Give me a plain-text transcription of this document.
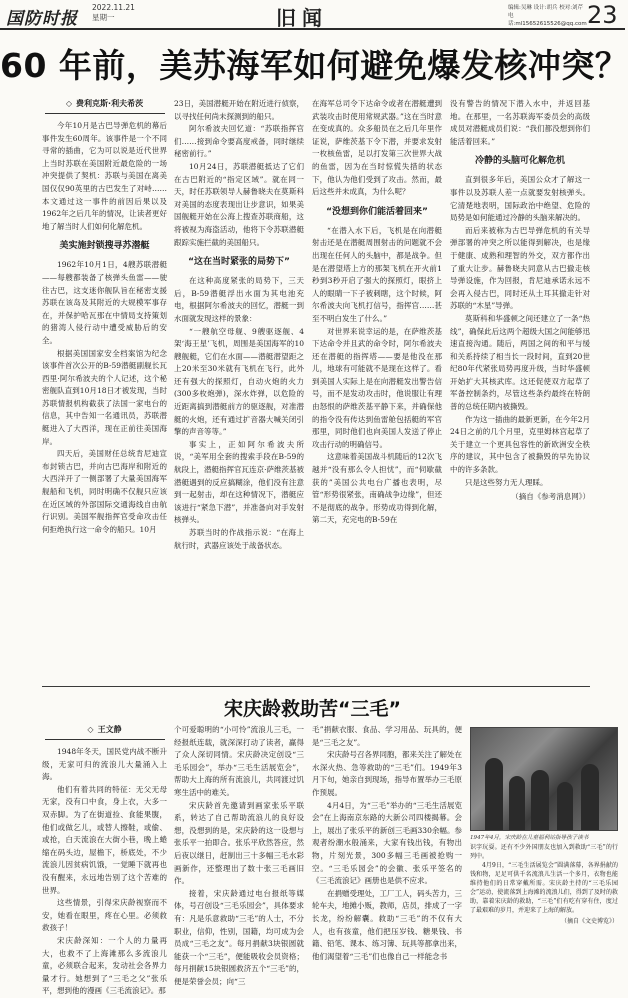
国防时报
2022.11.21
星期一	旧闻	编辑:吴琳 设计:胡兵 校对:刘芹
电话:ml15652615526@qq.com 23
60 年前，美苏海军如何避免爆发核冲突？
◇ 费利克斯·利夫希茨

今年10月是古巴导弹危机的幕后事件发生60周年。该事件是一个不同寻常的插曲，它为可以说是近代世界上当时苏联在美国附近最危险的一场冲突提供了契机：苏联与美国在离美国仅仅90英里的古巴发生了对峙……本文通过这一事件的前因后果以及1962年之后几年的情况，让读者更好地了解当时人们如何化解危机。

美实施封锁搜寻苏潜艇

1962年10月1日，4艘苏联潜艇——每艘都装备了核弹头鱼雷——驶往古巴，这支迷你舰队旨在秘密支援苏联在该岛及其附近的大规模军事存在，并保护哈瓦那在中情局支持策划的猪湾人侵行动中遭受威胁后的安全。

根据美国国家安全档案馆为纪念该事件首次公开的B-59潜艇副舰长瓦西里·阿尔希波夫的个人记述，这个秘密舰队直到10月18日才被发现，当时苏联情报机构截获了法国一家电台的信息，其中告知一名通讯员，苏联潜艇进入了大西洋，现在正前往美国海岸。

四天后，美国财任总统肯尼迪宣布封锁古巴，并向古巴海岸和附近的大西洋开了一侧部署了大量美国海军舰船和飞机，同时明确不仅舰只应该在近区域的外部国际交通海线自由航行识别。美国军舰指挥官受命攻击任何拒绝执行这一命令的船只。10月

23日，美国潜艇开始在附近进行侦察，以寻找任何尚未探测到的船只。

阿尔希波夫回忆道：“苏联指挥官们……接到命令要高度戒备，同时继续秘密前行。”

10月24日，苏联潜艇抵达了它们在古巴附近的“指定区域”。就在同一天，时任苏联领导人赫鲁晓夫在莫斯科对美国的态度表现出让步意识，如果美国舰艇开始在公海上搜查苏联商船，这将被视为海盗活动，他将下令苏联潜艇跟踪实施拦截的美国船只。

“这在当时紧张的局势下”

在这种高度紧张的局势下，三天后，B-59潜艇浮出水面为其电池充电，根据阿尔希波夫的回忆，潜艇一到水面就发现这样的景象：

“一艘航空母舰、9艘驱逐舰、4架‘海王星’飞机，周围是美国海军的10艘舰艇，它们在水面——潜艇潜望距之上20米至30米就有飞机在飞行，此外还有强大的探照灯，自动火炮的火力(300多枚炮弹)，深水炸弹，以危险的近距离搞到潜艇前方的驱逐舰，对准潜艇的火炮，还有通过扩音器大喊关闭引擎的声音等等。”

事实上，正如阿尔希波夫所说，“美军用全套的搜索手段在B-59的航段上，潜艇指挥官瓦连京·萨维茨基被潜艇遇到的反应搞糊涂，他们没有注意到一起射击，却在这种情况下，潜艇应该进行“紧急下潜”，并准备向对手发射核弹头。

苏联当时的作战指示说：“在海上航行时，武器应该处于战备状态。

在海军总司令下达命令或者在潜艇遭到武装攻击时使用常规武器。”这在当时意在变成真的。众多船员在之后几年里作证说，萨维茨基下令下潜，并要求发射一枚核鱼雷，足以打发第三次世界大战的鱼雷，因为在当时惊慌失措的状态下，他认为他们受到了攻击。然而，最后这些并未成真，为什么呢？

“没想到你们能活着回来”

“在潜入水下后，飞机是在向潜艇射击还是在潜艇周围射击的问题就不会出现在任何人的头脑中，都是战争。但是在潜望塔上方的那架飞机在开火前1秒到3秒开启了强大的探照灯，眼挤上人的眼睛一下子被刺瞎，这个时候，阿尔希波夫向飞机打信号，指挥官……甚至不明白发生了什么。”

对世界来说幸运的是，在萨维茨基下达命令并且武的命令时，阿尔希波夫还在潜艇的指挥塔——要是他没在那儿，地球有可能就不是现在这样了。看到美国人实际上是在向潜艇发出警告信号，而不是发动攻击时，他说服让有理由怒恨的萨维茨基平静下来，并确保他的指令没有传达到鱼雷舱包括艇的军官那里，同时他们也向美国人发送了停止攻击行动的明确信号。

这意味着美国战斗机随后的12次飞越并“没有那么令人担忧”，而“伺歇截获的”美国公共电台广播也表明，尽管“形势很紧张，南确战争边缘”，但还不是彻底的战争。形势成功得到化解，第二天，充完电的B-59在

没有警告的情况下潜入水中，并返回基地。在那里，一名苏联海军委员会的高级成员对潜艇成员们说：“我们都没想到你们能活着回来。”

冷静的头脑可化解危机

直到很多年后，美国公众才了解这一事件以及苏联人差一点就要发射核弹头。它清楚地表明，国际政治中绝望、危险的局势是如何能通过冷静的头脑来解决的。

而后来被称为古巴导弹危机的有关导弹部署的冲突之所以能得到解决，也是缘于健康、成熟和理智的外交，双方都作出了重大让步。赫鲁晓夫同意从古巴撤走核导弹设施，作为回报，肯尼迪承诺永远不会再入侵古巴，同时还从土耳其撤走针对苏联的“木星”导弹。

莫斯科和华盛顿之间还建立了一条“热线”，确保此后这两个超级大国之间能够迅速直接沟通。随后，两国之间的和平与缓和关系持续了相当长一段时间，直到20世纪80年代紧张局势再度升级，当时华盛顿开始扩大其核武库。这还促使双方起草了军备控制条约，尽管这些条约最终在特朗普的总统任期内被撕毁。

作为这一插曲的最新更新，在今年2月24日之前的几个月里，克里姆林宫起草了关于建立一个更具包容性的新欧洲安全秩序的建议，其中包含了被撕毁的早先协议中的许多条款。

只是这些努力无人理睬。

（摘自《参考消息网》）

宋庆龄救助苦“三毛”
◇ 王文静

1948年冬天，国民党内战不断升级，无家可归的流浪儿大量涌入上海。

他们有着共同的特征：无父无母无家，没有口中食，身上衣，大多一双赤脚。为了在街道捡、食能果腹，他们或做乞儿，或替人擦鞋，或偷、或抢，白天流浪在大街小巷，晚上蜷缩在码头边，屋檐下，桥底处，不少流浪儿因贫病饥饿，一觉睡下就再也没有醒来，永远地告别了这个苦难的世界。

这些情景，引得宋庆龄视察而不安，她看在眼里，疼在心里。必须救救孩子！

宋庆龄深知：一个人的力量再大，也救不了上海滩那么多流浪儿童，必须联合起来，发动社会各界力量才行。她想到了“三毛之父”张乐平，想到他的漫画《三毛流浪记》。那

个可爱聪明的“小可怜”流浪儿三毛，一经报纸连载，就深深打动了读者，赢得了众人深切同情。宋庆龄决定创设“三毛乐园会”，举办“三毛生活展览会”，帮助大上海的所有流浪儿，共同渡过饥寒生活中的难关。

宋庆龄首先邀请到画家张乐平联系，转达了自己帮助流浪儿的良好设想，没想到的是，宋庆龄的这一设想与张乐平一拍即合。张乐平欣然答应，然后夜以继日，赶制出三十多幅三毛水彩画新作，还整理出了数十张三毛画旧作。

接着，宋庆龄通过电台报纸等媒体，号召创设“三毛乐园会”，具体要求有：凡是乐意救助“三毛”的人士，不分职业，信仰，性别，国籍，均可成为会员成“三毛之友”。每月捐献3块银圆就能获一个“三毛”，便能吸收会员资格；每月捐献15块银圆救济五个“三毛”的，便是荣誉会员；向“三

毛”捐献衣服、食品、学习用品、玩具的，便是“三毛之友”。

宋庆龄号召各界同胞，都来关注了解处在水深火热、急等救助的“三毛”们。1949年3月下旬，她亲自到现场，指导布置举办三毛原作预展。

4月4日，为“三毛”举办的“三毛生活展览会”在上海南京东路的大新公司四楼揭幕。会上，展出了张乐平的新创三毛画330余幅。参观者纷潮水般涌来，大家有钱出钱，有物出物，片刻光景，300多幅三毛画被抢购一空。“三毛乐园会”的会徽、张乐平签名的《三毛流浪记》画册也是供不应求。

在捐赠受理处，工厂工人，码头苦力，三轮车夫，地摊小贩，教师，店员，排成了一字长龙，纷纷解囊。救助“三毛”的不仅有大人，也有孩童，他们把压岁钱、糖果钱、书籍、铅笔、课本、练习簿、玩具等都拿出来，他们渴望着“三毛”们也像自己一样能念书

1947年4月，宋庆龄在儿童福利站指导孩子读书

识字玩耍。还有不少外国朋友也加入到救助“三毛”的行列中。

4月9日，“三毛生活展览会”圆满落幕，各界捐献的钱和物，足足可供千名流浪儿生活一个多月，衣物也能维持他们的日常穿戴所需。宋庆龄主持的“三毛乐园会”运动，使流落到上海滩的流浪儿们，得到了及时的救助，靠着宋庆龄的救助，“三毛”们有吃有穿有住，度过了最艰难的岁月，并迎来了上海的解放。

（摘自《文史博览》）
